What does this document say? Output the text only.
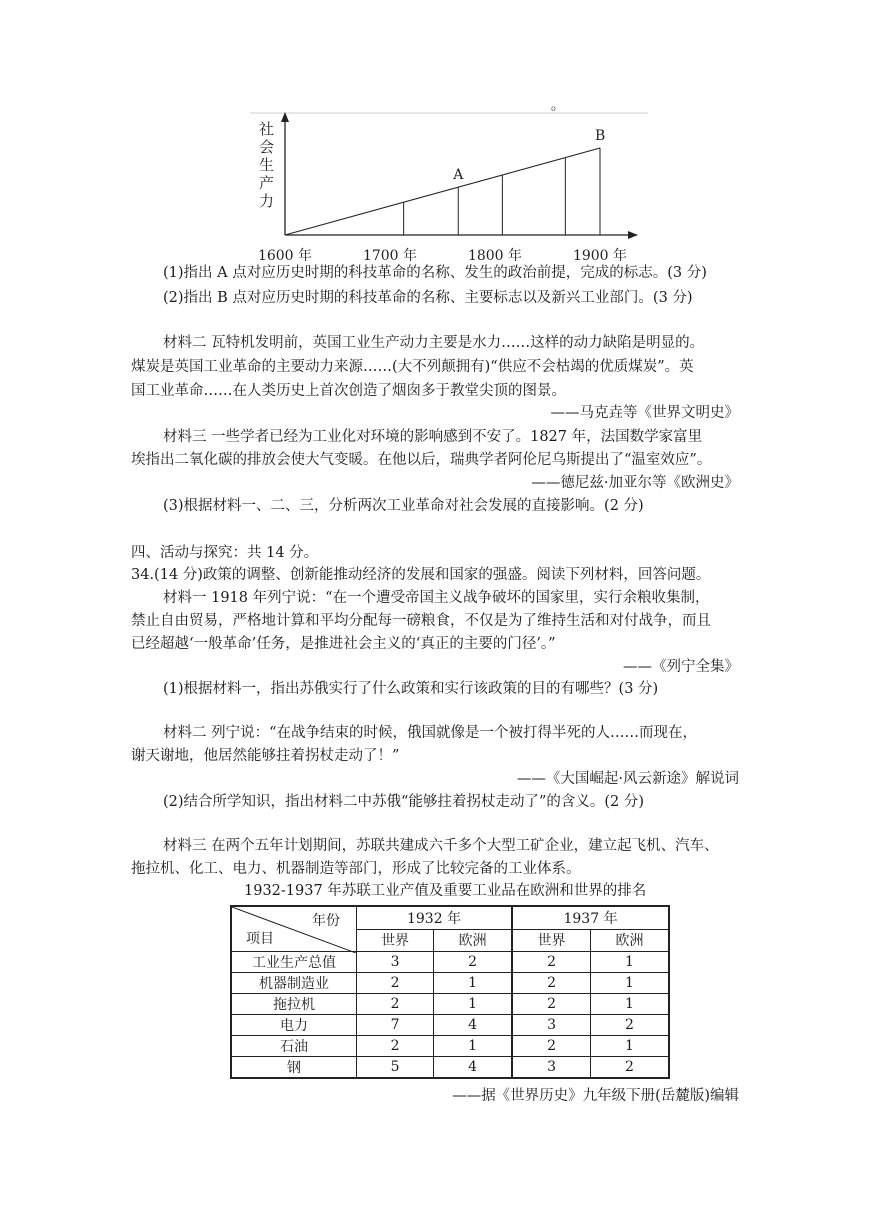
o
社
会
生
产
力
A
B
1600 年	1700 年	1800 年	1900 年
(1)指出 A 点对应历史时期的科技革命的名称、发生的政治前提，完成的标志。(3 分)
(2)指出 B 点对应历史时期的科技革命的名称、主要标志以及新兴工业部门。(3 分)
材料二 瓦特机发明前，英国工业生产动力主要是水力……这样的动力缺陷是明显的。
煤炭是英国工业革命的主要动力来源……(大不列颠拥有)“供应不会枯竭的优质煤炭”。英
国工业革命……在人类历史上首次创造了烟囱多于教堂尖顶的图景。
——马克垚等《世界文明史》
材料三 一些学者已经为工业化对环境的影响感到不安了。1827 年，法国数学家富里
埃指出二氧化碳的排放会使大气变暖。在他以后，瑞典学者阿伦尼乌斯提出了“温室效应”。
——德尼兹·加亚尔等《欧洲史》
(3)根据材料一、二、三，分析两次工业革命对社会发展的直接影响。(2 分)
四、活动与探究：共 14 分。
34.(14 分)政策的调整、创新能推动经济的发展和国家的强盛。阅读下列材料，回答问题。
材料一 1918 年列宁说：“在一个遭受帝国主义战争破坏的国家里，实行余粮收集制，
禁止自由贸易，严格地计算和平均分配每一磅粮食，不仅是为了维持生活和对付战争，而且
已经超越‘一般革命’任务，是推进社会主义的‘真正的主要的门径’。”
——《列宁全集》
(1)根据材料一，指出苏俄实行了什么政策和实行该政策的目的有哪些？(3 分)
材料二 列宁说：“在战争结束的时候，俄国就像是一个被打得半死的人……而现在，
谢天谢地，他居然能够拄着拐杖走动了！”
——《大国崛起·风云新途》解说词
(2)结合所学知识，指出材料二中苏俄“能够拄着拐杖走动了”的含义。(2 分)
材料三 在两个五年计划期间，苏联共建成六千多个大型工矿企业，建立起飞机、汽车、
拖拉机、化工、电力、机器制造等部门，形成了比较完备的工业体系。
1932-1937 年苏联工业产值及重要工业品在欧洲和世界的排名
年份
项目	1932 年		1937 年	
	世界	欧洲	世界	欧洲
工业生产总值	3	2	2	1
机器制造业	2	1	2	1
拖拉机	2	1	2	1
电力	7	4	3	2
石油	2	1	2	1
钢	5	4	3	2
——据《世界历史》九年级下册(岳麓版)编辑
